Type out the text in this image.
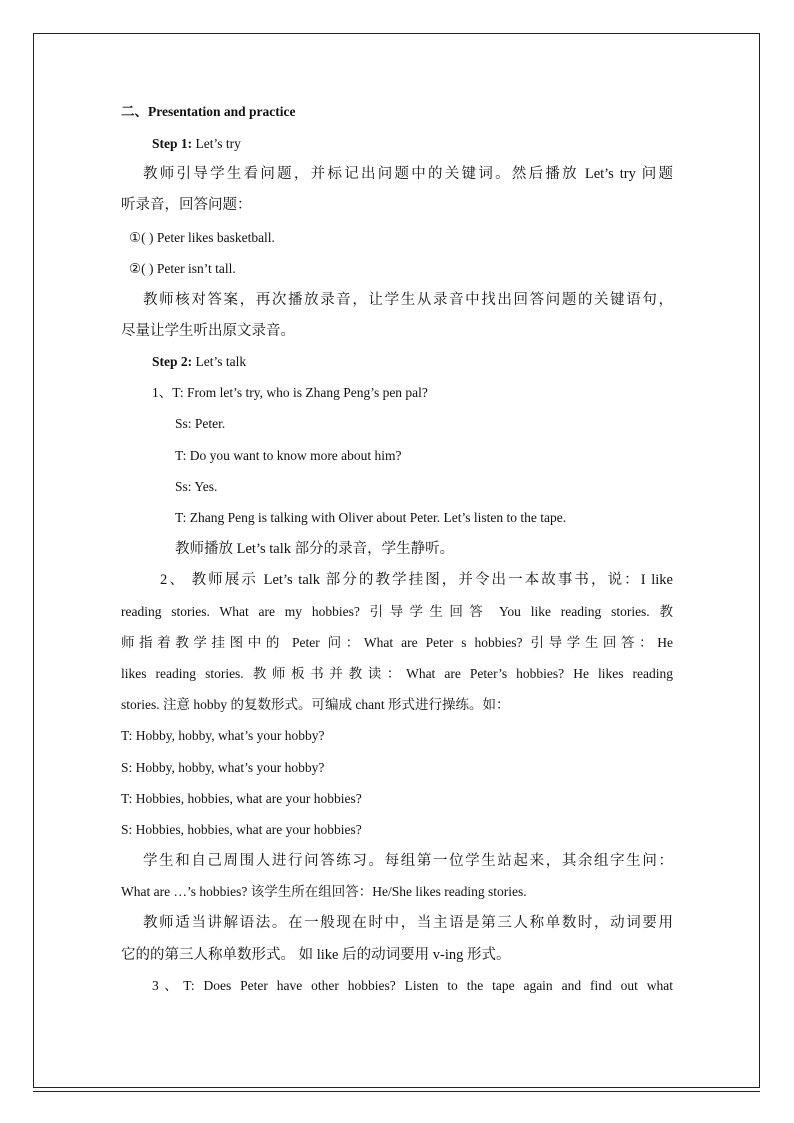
二、Presentation and practice
Step 1: Let’s try
教师引导学生看问题，并标记出问题中的关键词。然后播放 Let’s try 问题
听录音，回答问题：
①( ) Peter likes basketball.
②( ) Peter isn’t tall.
教师核对答案，再次播放录音，让学生从录音中找出回答问题的关键语句，
尽量让学生听出原文录音。
Step 2: Let’s talk
1、T: From let’s try, who is Zhang Peng’s pen pal?
Ss: Peter.
T: Do you want to know more about him?
Ss: Yes.
T: Zhang Peng is talking with Oliver about Peter. Let’s listen to the tape.
教师播放 Let’s talk 部分的录音，学生静听。
2、 教师展示 Let’s talk 部分的教学挂图，并令出一本故事书，说：I like
reading stories. What are my hobbies? 引导学生回答 You like reading stories. 教
师指着教学挂图中的 Peter 问：What are Peter s hobbies? 引导学生回答：He
likes reading stories. 教师板书并教读：What are Peter’s hobbies? He likes reading
stories. 注意 hobby 的复数形式。可编成 chant 形式进行操练。如：
T: Hobby, hobby, what’s your hobby?
S: Hobby, hobby, what’s your hobby?
T: Hobbies, hobbies, what are your hobbies?
S: Hobbies, hobbies, what are your hobbies?
学生和自己周围人进行问答练习。每组第一位学生站起来，其余组字生问：
What are …’s hobbies? 该学生所在组回答：He/She likes reading stories.
教师适当讲解语法。在一般现在时中，当主语是第三人称单数时，动词要用
它的的第三人称单数形式。 如 like 后的动词要用 v-ing 形式。
3、T: Does Peter have other hobbies? Listen to the tape again and find out what
